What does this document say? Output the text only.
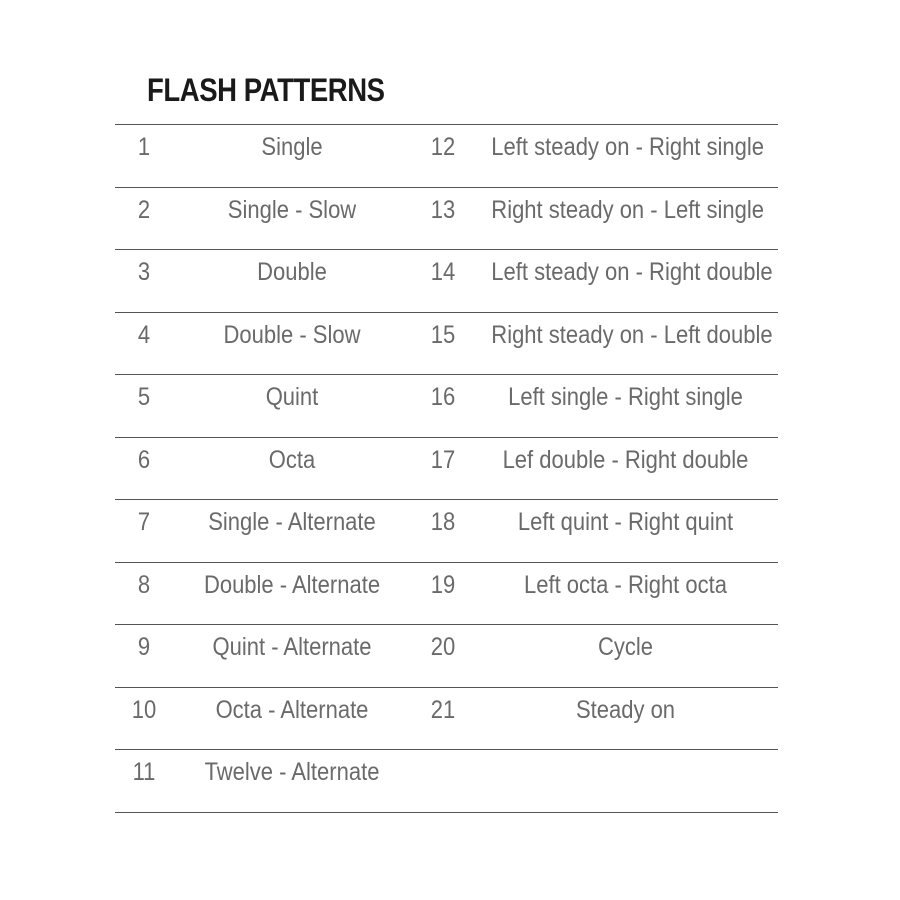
FLASH PATTERNS
1	Single	12	Left steady on - Right single
2	Single - Slow	13	Right steady on - Left single
3	Double	14	Left steady on - Right double
4	Double - Slow	15	Right steady on - Left double
5	Quint	16	Left single - Right single
6	Octa	17	Lef double - Right double
7	Single - Alternate	18	Left quint - Right quint
8	Double - Alternate	19	Left octa - Right octa
9	Quint - Alternate	20	Cycle
10	Octa - Alternate	21	Steady on
11	Twelve - Alternate
